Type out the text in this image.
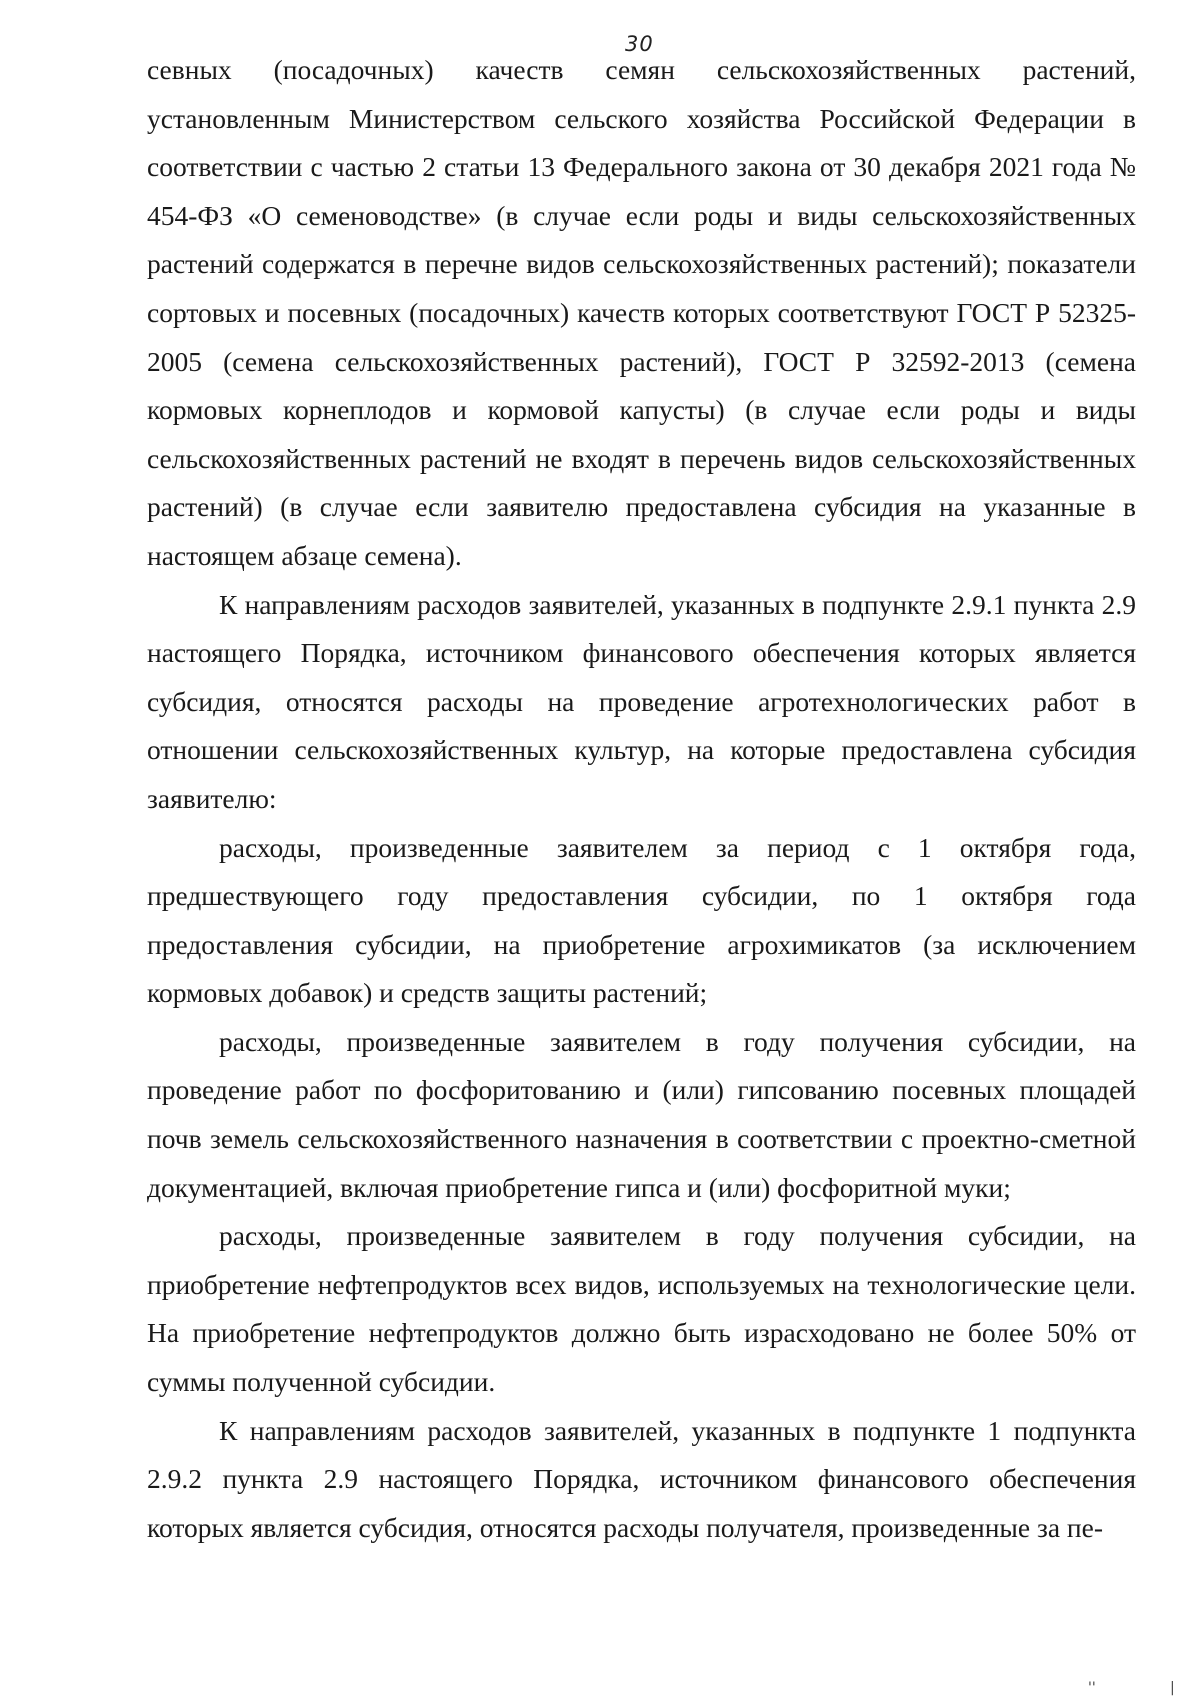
30

севных (посадочных) качеств семян сельскохозяйственных растений, установленным Министерством сельского хозяйства Российской Федерации в соответствии с частью 2 статьи 13 Федерального закона от 30 декабря 2021 года № 454-ФЗ «О семеноводстве» (в случае если роды и виды сельскохозяйственных растений содержатся в перечне видов сельскохозяйственных растений); показатели сортовых и посевных (посадочных) качеств которых соответствуют ГОСТ Р 52325-2005 (семена сельскохозяйственных растений), ГОСТ Р 32592-2013 (семена кормовых корнеплодов и кормовой капусты) (в случае если роды и виды сельскохозяйственных растений не входят в перечень видов сельскохозяйственных растений) (в случае если заявителю предоставлена субсидия на указанные в настоящем абзаце семена).

К направлениям расходов заявителей, указанных в подпункте 2.9.1 пункта 2.9 настоящего Порядка, источником финансового обеспечения которых является субсидия, относятся расходы на проведение агротехнологических работ в отношении сельскохозяйственных культур, на которые предоставлена субсидия заявителю:

расходы, произведенные заявителем за период с 1 октября года, предшествующего году предоставления субсидии, по 1 октября года предоставления субсидии, на приобретение агрохимикатов (за исключением кормовых добавок) и средств защиты растений;

расходы, произведенные заявителем в году получения субсидии, на проведение работ по фосфоритованию и (или) гипсованию посевных площадей почв земель сельскохозяйственного назначения в соответствии с проектно-сметной документацией, включая приобретение гипса и (или) фосфоритной муки;

расходы, произведенные заявителем в году получения субсидии, на приобретение нефтепродуктов всех видов, используемых на технологические цели. На приобретение нефтепродуктов должно быть израсходовано не более 50% от суммы полученной субсидии.

К направлениям расходов заявителей, указанных в подпункте 1 подпункта 2.9.2 пункта 2.9 настоящего Порядка, источником финансового обеспечения которых является субсидия, относятся расходы получателя, произведенные за пе-

''	|
